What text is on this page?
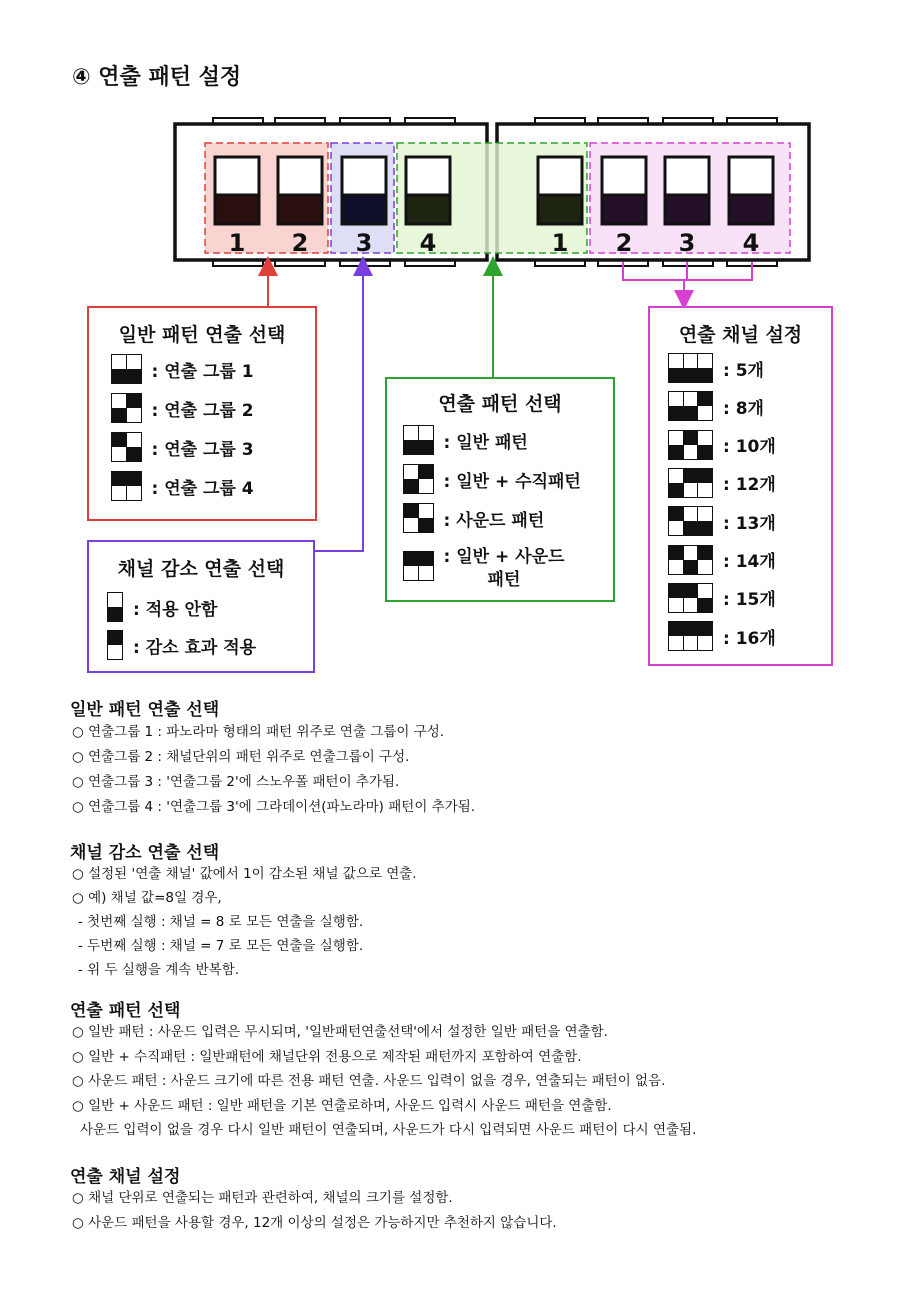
④ 연출 패턴 설정
1 2 3 4	1 2 3 4
일반 패턴 연출 선택
: 연출 그룹 1
: 연출 그룹 2
: 연출 그룹 3
: 연출 그룹 4
채널 감소 연출 선택
: 적용 안함
: 감소 효과 적용
연출 패턴 선택
: 일반 패턴
: 일반 + 수직패턴
: 사운드 패턴
: 일반 + 사운드
패턴
연출 채널 설정
: 5개
: 8개
: 10개
: 12개
: 13개
: 14개
: 15개
: 16개
일반 패턴 연출 선택
○ 연출그룹 1 : 파노라마 형태의 패턴 위주로 연출 그룹이 구성.
○ 연출그룹 2 : 채널단위의 패턴 위주로 연출그룹이 구성.
○ 연출그룹 3 : '연출그룹 2'에 스노우폴 패턴이 추가됨.
○ 연출그룹 4 : '연출그룹 3'에 그라데이션(파노라마) 패턴이 추가됨.
채널 감소 연출 선택
○ 설정된 '연출 채널' 값에서 1이 감소된 채널 값으로 연출.
○ 예) 채널 값=8일 경우,
- 첫번째 실행 : 채널 = 8 로 모든 연출을 실행함.
- 두번째 실행 : 채널 = 7 로 모든 연출을 실행함.
- 위 두 실행을 계속 반복함.
연출 패턴 선택
○ 일반 패턴 : 사운드 입력은 무시되며, '일반패턴연출선택'에서 설정한 일반 패턴을 연출함.
○ 일반 + 수직패턴 : 일반패턴에 채널단위 전용으로 제작된 패턴까지 포함하여 연출함.
○ 사운드 패턴 : 사운드 크기에 따른 전용 패턴 연출. 사운드 입력이 없을 경우, 연출되는 패턴이 없음.
○ 일반 + 사운드 패턴 : 일반 패턴을 기본 연출로하며, 사운드 입력시 사운드 패턴을 연출함.
사운드 입력이 없을 경우 다시 일반 패턴이 연출되며, 사운드가 다시 입력되면 사운드 패턴이 다시 연출됨.
연출 채널 설정
○ 채널 단위로 연출되는 패턴과 관련하여, 채널의 크기를 설정함.
○ 사운드 패턴을 사용할 경우, 12개 이상의 설정은 가능하지만 추천하지 않습니다.
